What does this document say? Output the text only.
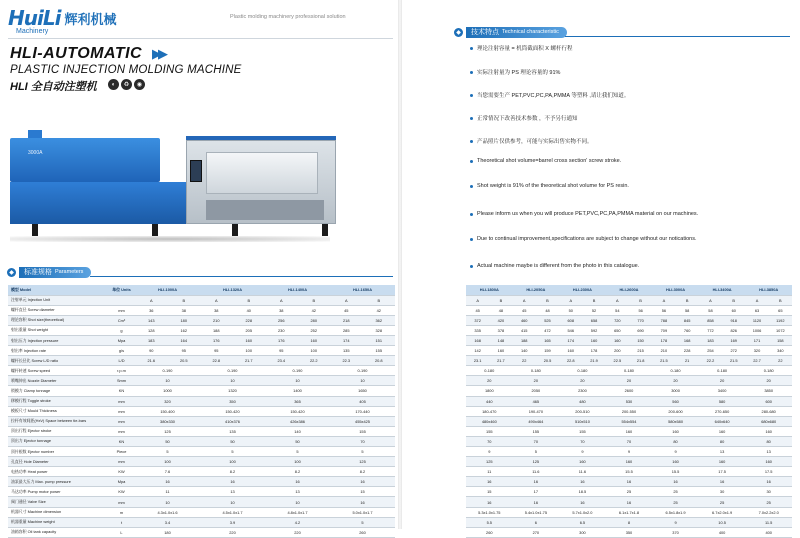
HuiLi 辉利机械
Machinery
Plastic molding machinery professional solution
HLI-AUTOMATIC ▶▶
PLASTIC INJECTION MOLDING MACHINE
HLI 全自动注塑机	◐	♻	◉
3000A
◆	标准规格 Parameters
模型 Model	单位 Units	HLI-1000A		HLI-1320A		HLI-1400A		HLI-1650A	
注射单元 Injection Unit		A	B	A	B	A	B	A	B
螺杆直径 Screw diameter	mm	36	38	38	40	38	42	45	42
理论容积 Shot size(theoretical)	Cm³	143	180	210	228	256	280	218	362
射出重量 Shot weight	g	128	162	188	205	230	252	285	328
射出压力 Injection pressure	Mpa	183	164	176	160	176	160	174	151
射出率 Injection rate	g/s	90	95	95	100	95	100	135	155
螺杆长径比 Screw L/D ratio	L/D	21.6	20.5	22.8	21.7	23.4	22.2	22.3	20.8
螺杆转速 Screw speed	r.p.m	0-190		0-190		0-190		0-190	
喷嘴伸出 Nozzle Diameter	Smm	10		10		10		10	
锁模力 Clamp tonnage	KN	1000		1320		1400		1650	
移模行程 Toggle stroke	mm	320		350		365		405	
模板尺寸 Mould Thickness	mm	150-400		150-420		150-420		170-440	
拉杆有效间距(HxV) Space between tie-bars	mm	380x330		410x376		426x386		455x425	
顶出行程 Ejector stroke	mm	125		135		140		155	
顶出力 Ejector tonnage	KN	50		50		50		70	
顶针根数 Ejector number	Piece	5		5		5		5	
孔直径 Hole Diameter	mm	100		100		100		125	
电热功率 Heat power	KW	7.6		8.2		8.2		8.2	
油泵最大压力 Max. pump pressure	Mpa	16		16		16		16	
马达功率 Pump motor power	KW	11		13		13		15	
阀门通径 Valve Size	mm	10		10		10		16	
机器尺寸 Machine dimension	m	4.3x1.0x1.6		4.5x1.0x1.7		4.8x1.0x1.7		5.0x1.0x1.7	
机器重量 Machine weight	t	3.4		3.9		4.2		5	
油箱容积 Oil tank capacity	L	180		220		220		260	
◆	技术特点 Technical characteristic
HLI-1800A		HLI-2050A		HLI-2300A		HLI-2600A		HLI-3000A		HLI-3400A		HLI-3850A	
A	B	A	B	A	B	A	B	A	B	A	B	A	B
45	48	45	48	50	52	54	56	56	58	58	60	63	65
372	420	460	525	608	658	720	770	788	845	858	918	1120	1192
335	378	415	472	546	592	650	690	709	760	772	826	1006	1072
168	148	188	165	174	160	160	150	178	168	183	169	171	158
142	160	140	159	160	178	200	215	210	228	254	272	320	340
23.1	21.7	22	20.5	22.8	21.9	22.5	21.8	21.5	21	22.2	21.5	22.7	22
0-180		0-180		0-180		0-180		0-180		0-180		0-180	
20		20		20		20		20		20		20	
1800		2050		2300		2600		3000		3400		3850	
440		465		480		530		560		580		600	
180-470		190-470		200-510		200-550		200-600		270-650		280-680	
480x460		490x464		510x510		554x554		580x580		640x640		680x680	
155		155		155		160		160		160		160	
70		70		70		70		80		80		80	
9		5		9		9		9		13		13	
125		125		160		160		160		160		160	
11		11.6		11.6		15.5		15.5		17.5		17.5	
16		16		16		16		16		16		16	
15		17		18.5		25		25		30		30	
16		16		16		16		25		25		25	
5.3x1.0x1.75		5.4x1.0x1.75		5.7x1.0x2.0		6.1x1.7x1.8		6.5x1.8x1.9		6.7x2.0x1.9		7.0x2.2x2.0	
5.5		6		6.5		8		9		10.5		11.5	
260		270		300		350		370		400		400	
理论注射容量 = 机筒截面积 X 螺杆行程
实际注射量为 PS 理论容量的 91%
当您需要生产 PET,PVC,PC,PA,PMMA 等塑料 ,请让我们知道。
正常情况下改善技术参数 ，不予另行通知
产品照片仅供参考，可能与实际出售实物不同。
Theoretical shot volume=barrel cross section' screw stroke.
Shot weight is 91% of the theoretical shot volume for PS resin.
Please inform us when you will produce PET,PVC,PC,PA,PMMA material on our machines.
Due to continual improvement,specifications are subject to change without our notications.
Actual machine maybe is different from the photo in this catalogue.
